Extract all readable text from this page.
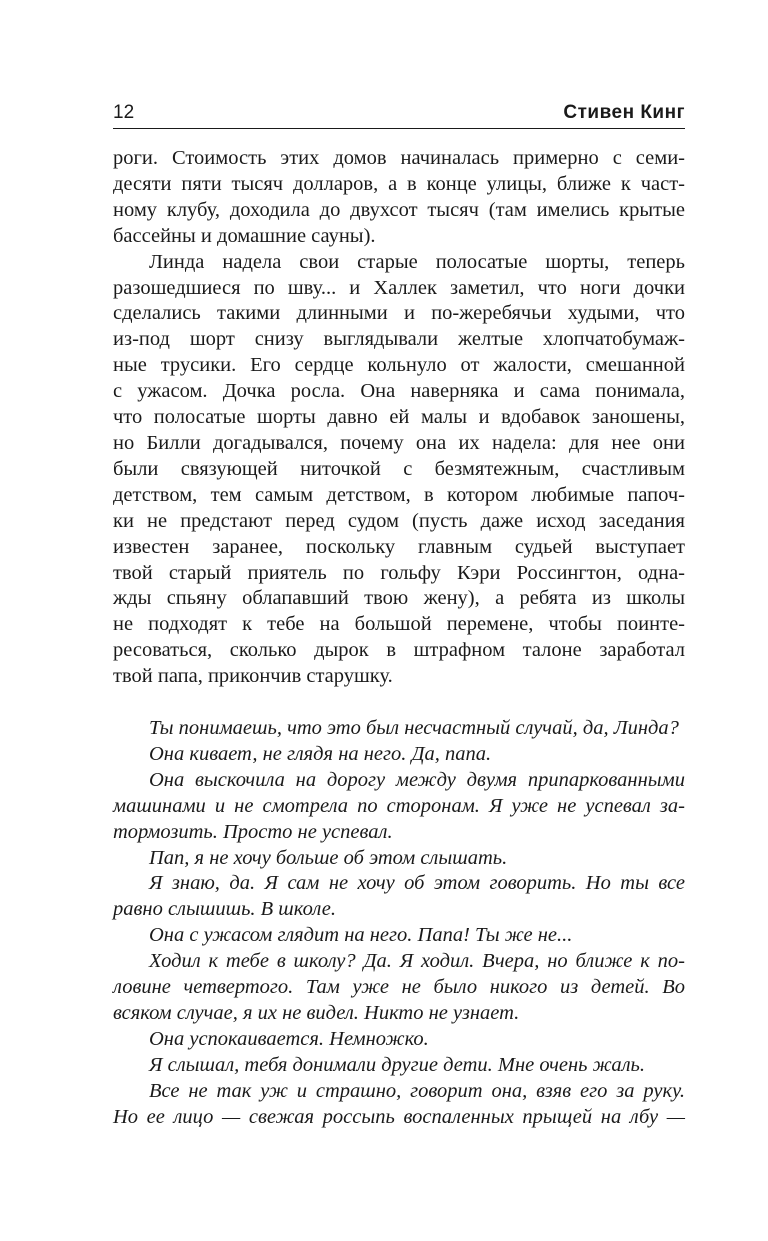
12	Стивен Кинг

роги. Стоимость этих домов начиналась примерно с семи-
десяти пяти тысяч долларов, а в конце улицы, ближе к част-
ному клубу, доходила до двухсот тысяч (там имелись крытые
бассейны и домашние сауны).

Линда надела свои старые полосатые шорты, теперь
разошедшиеся по шву... и Халлек заметил, что ноги дочки
сделались такими длинными и по-жеребячьи худыми, что
из-под шорт снизу выглядывали желтые хлопчатобумаж-
ные трусики. Его сердце кольнуло от жалости, смешанной
с ужасом. Дочка росла. Она наверняка и сама понимала,
что полосатые шорты давно ей малы и вдобавок заношены,
но Билли догадывался, почему она их надела: для нее они
были связующей ниточкой с безмятежным, счастливым
детством, тем самым детством, в котором любимые папоч-
ки не предстают перед судом (пусть даже исход заседания
известен заранее, поскольку главным судьей выступает
твой старый приятель по гольфу Кэри Россингтон, одна-
жды спьяну облапавший твою жену), а ребята из школы
не подходят к тебе на большой перемене, чтобы поинте-
ресоваться, сколько дырок в штрафном талоне заработал
твой папа, прикончив старушку.

Ты понимаешь, что это был несчастный случай, да, Линда?

Она кивает, не глядя на него. Да, папа.

Она выскочила на дорогу между двумя припаркованными
машинами и не смотрела по сторонам. Я уже не успевал за-
тормозить. Просто не успевал.

Пап, я не хочу больше об этом слышать.

Я знаю, да. Я сам не хочу об этом говорить. Но ты все
равно слышишь. В школе.

Она с ужасом глядит на него. Папа! Ты же не...

Ходил к тебе в школу? Да. Я ходил. Вчера, но ближе к по-
ловине четвертого. Там уже не было никого из детей. Во
всяком случае, я их не видел. Никто не узнает.

Она успокаивается. Немножко.

Я слышал, тебя донимали другие дети. Мне очень жаль.

Все не так уж и страшно, говорит она, взяв его за руку.
Но ее лицо — свежая россыпь воспаленных прыщей на лбу —
